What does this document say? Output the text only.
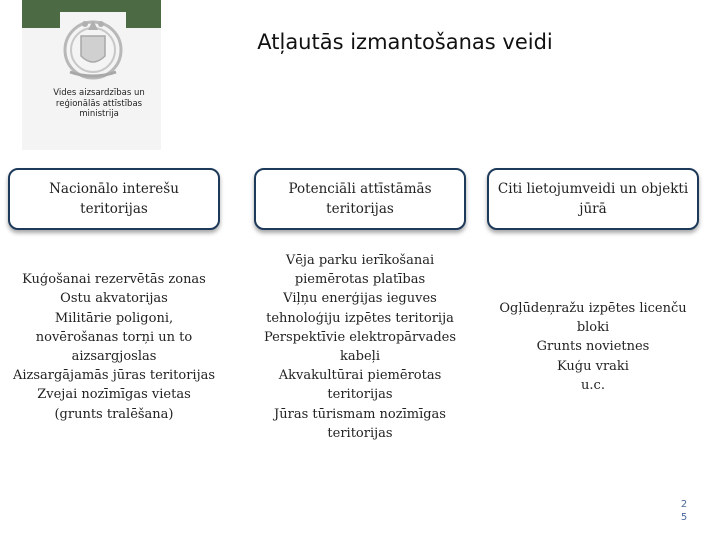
Vides aizsardzības un
reģionālās attīstības
ministrija
Atļautās izmantošanas veidi
Nacionālo interešu teritorijas
Potenciāli attīstāmās teritorijas
Citi lietojumveidi un objekti jūrā
Kuģošanai rezervētās zonas
Ostu akvatorijas
Militārie poligoni, novērošanas torņi un to aizsargjoslas
Aizsargājamās jūras teritorijas
Zvejai nozīmīgas vietas (grunts tralēšana)
Vēja parku ierīkošanai piemērotas platības
Viļņu enerģijas ieguves tehnoloģiju izpētes teritorija
Perspektīvie elektropārvades kabeļi
Akvakultūrai piemērotas teritorijas
Jūras tūrismam nozīmīgas teritorijas
Ogļūdeņražu izpētes licenču bloki
Grunts novietnes
Kuģu vraki
u.c.
2
5
